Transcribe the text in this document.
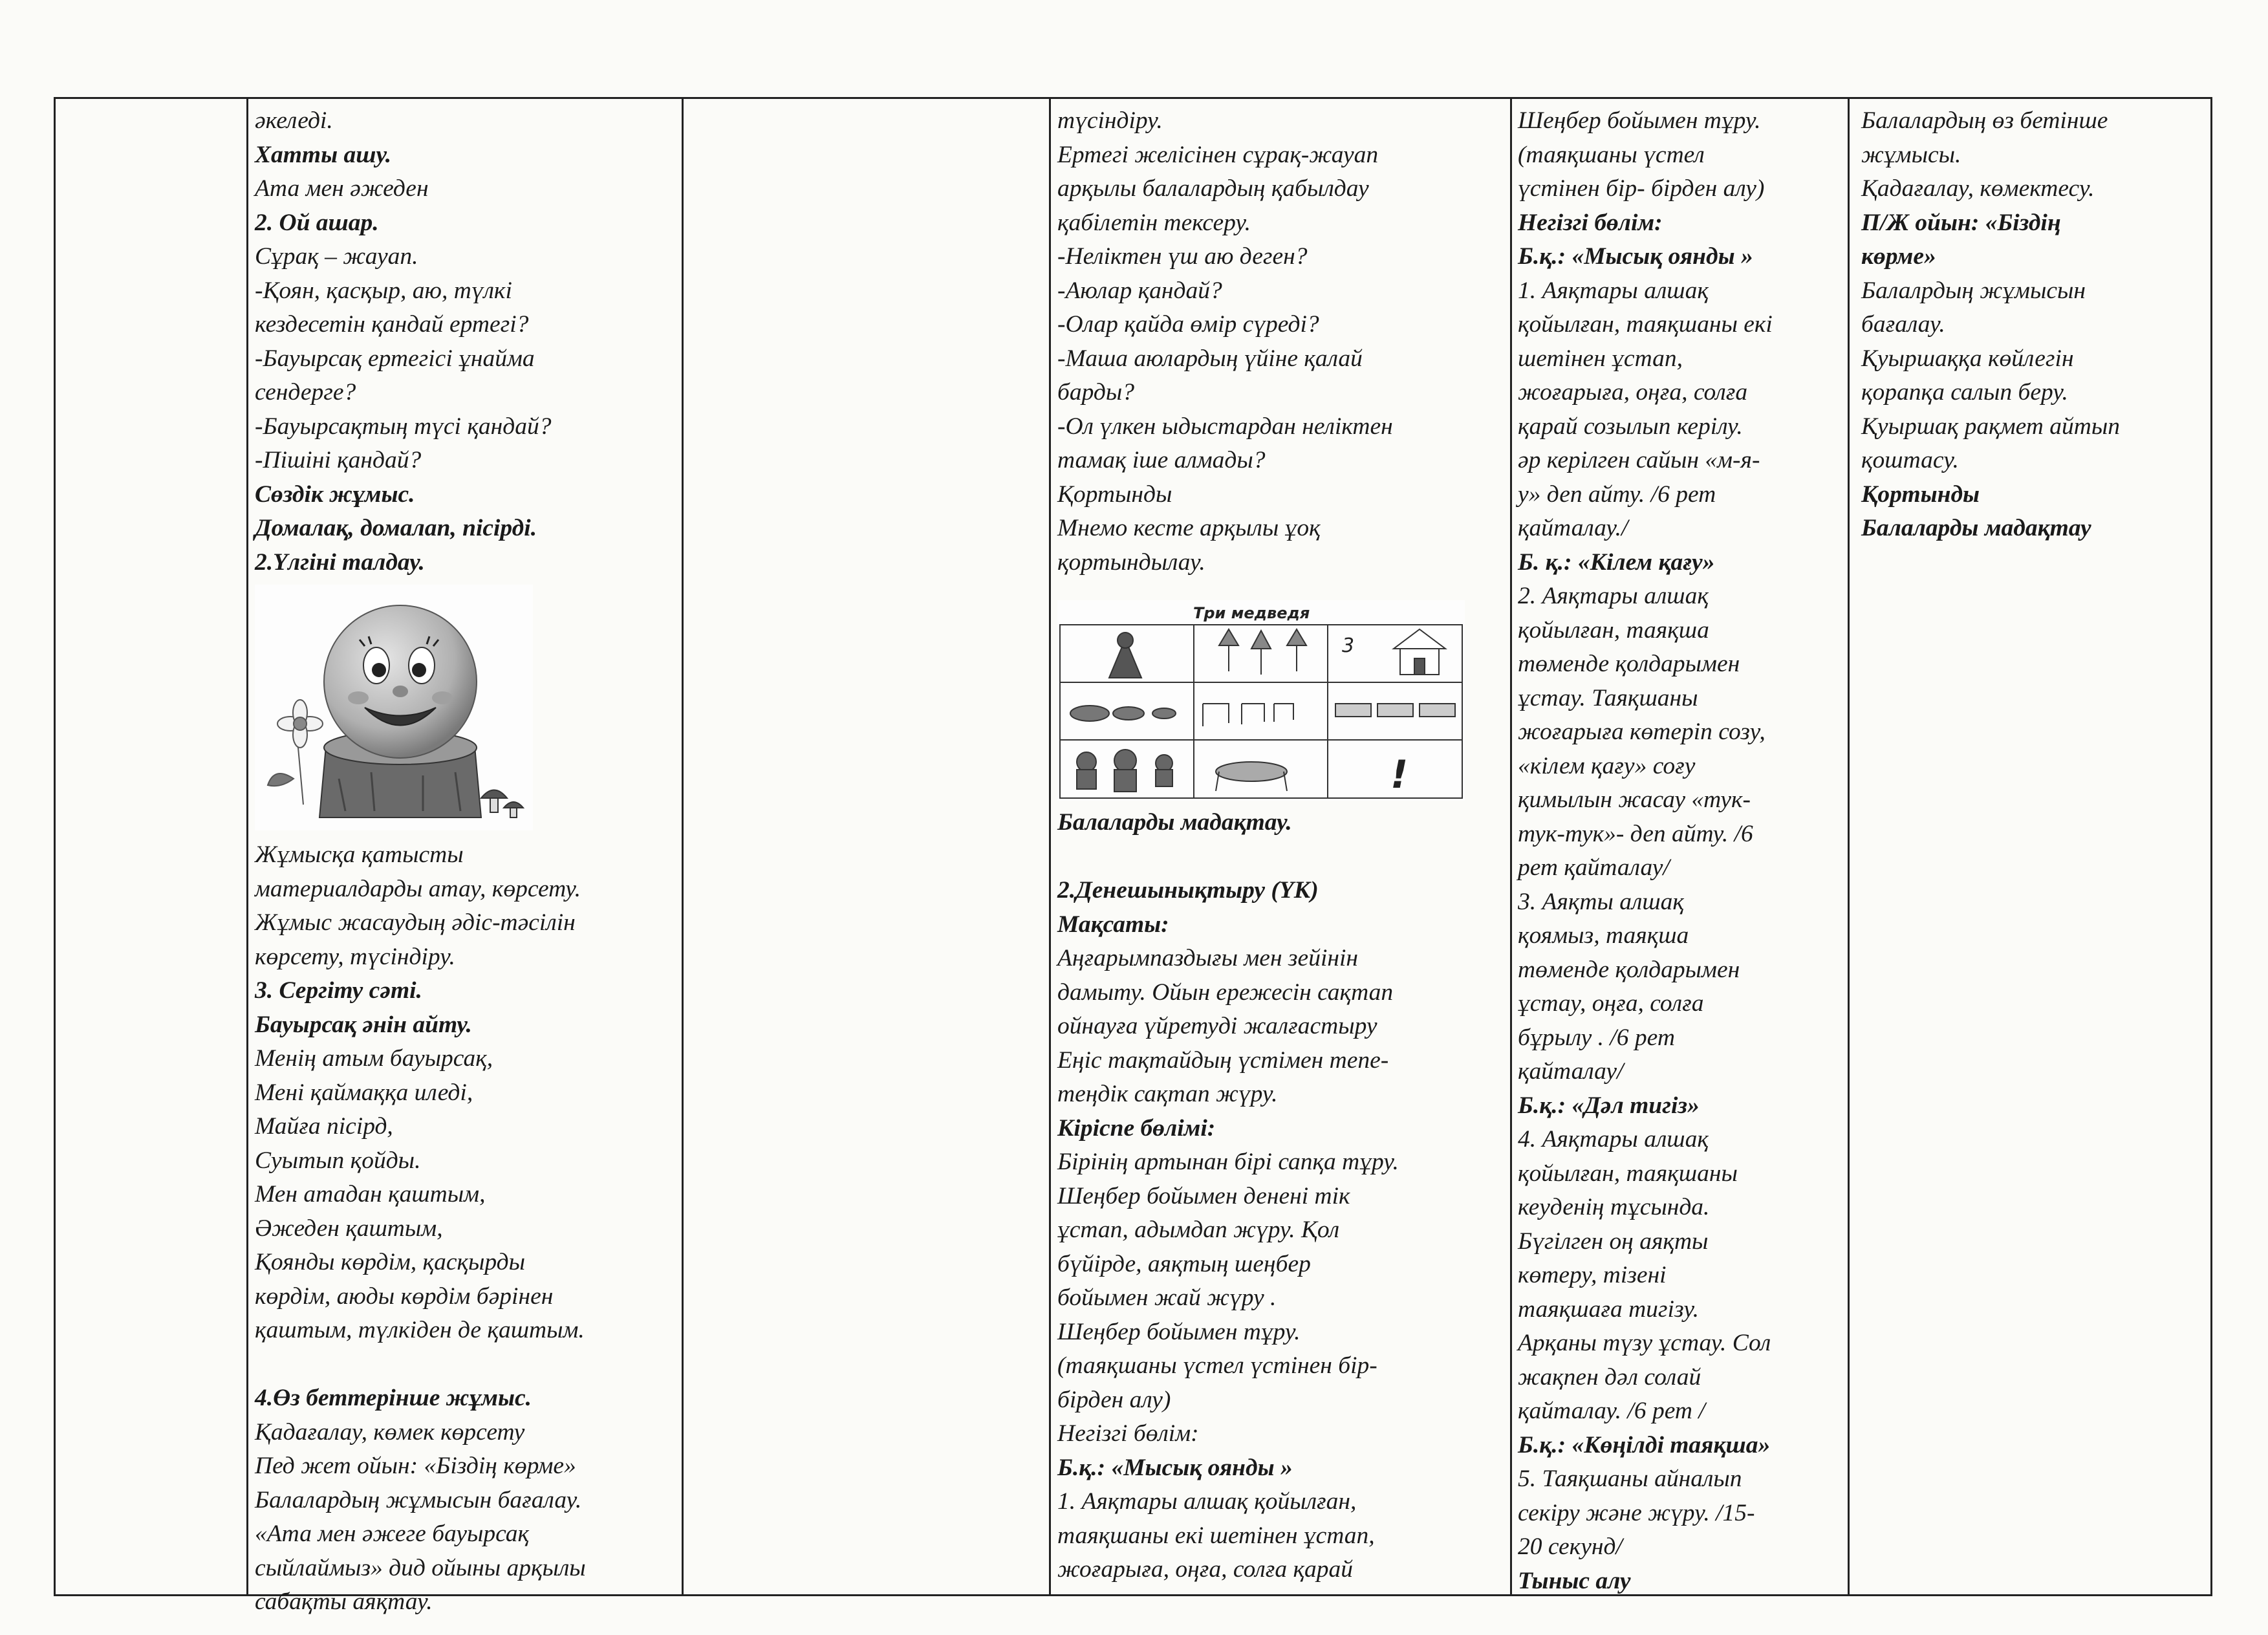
әкеледі.
Хатты ашу.
Ата мен әжеден
2. Ой ашар.
Сұрақ – жауап.
-Қоян, қасқыр, аю, түлкі
кездесетін қандай ертегі?
-Бауырсақ ертегісі ұнайма
сендерге?
-Бауырсақтың түсі қандай?
-Пішіні қандай?
Сөздік жұмыс.
Домалақ, домалап, пісірді.
2.Үлгіні талдау.
Жұмысқа қатысты
материалдарды атау, көрсету.
Жұмыс жасаудың әдіс-тәсілін
көрсету, түсіндіру.
3. Сергіту сәті.
Бауырсақ әнін айту.
Менің атым бауырсақ,
Мені қаймаққа иледі,
Майға пісірд,
Суытып қойды.
Мен атадан қаштым,
Әжеден қаштым,
Қоянды көрдім, қасқырды
көрдім, аюды көрдім бәрінен
қаштым, түлкіден де қаштым.
4.Өз беттерінше жұмыс.
Қадағалау, көмек көрсету
Пед жет ойын: «Біздің көрме»
Балалардың жұмысын бағалау.
«Ата мен әжеге бауырсақ
сыйлаймыз» дид ойыны арқылы
сабақты аяқтау.
түсіндіру.
Ертегі желісінен сұрақ-жауап
арқылы балалардың қабылдау
қабілетін тексеру.
-Неліктен үш аю деген?
-Аюлар қандай?
-Олар қайда өмір сүреді?
-Маша аюлардың үйіне қалай
барды?
-Ол үлкен ыдыстардан неліктен
тамақ іше алмады?
Қортынды
Мнемо кесте арқылы ұоқ
қортындылау.
Три медведя
3
!
Балаларды мадақтау.
2.Денешынықтыру (ҮК)
Мақсаты:
Аңғарымпаздығы мен зейінін
дамыту. Ойын ережесін сақтап
ойнауға үйретуді жалғастыру
Еңіс тақтайдың үстімен тепе-
теңдік сақтап жүру.
Кіріспе бөлімі:
Бірінің артынан бірі сапқа тұру.
Шеңбер бойымен денені тік
ұстап, адымдап жүру. Қол
бүйірде, аяқтың шеңбер
бойымен жай жүру .
Шеңбер бойымен тұру.
(таяқшаны үстел үстінен бір-
бірден алу)
Негізгі бөлім:
Б.қ.: «Мысық оянды »
1. Аяқтары алшақ қойылған,
таяқшаны екі шетінен ұстап,
жоғарыға, оңға, солға қарай
Шеңбер бойымен тұру.
(таяқшаны үстел
үстінен бір- бірден алу)
Негізгі бөлім:
Б.қ.: «Мысық оянды »
1. Аяқтары алшақ
қойылған, таяқшаны екі
шетінен ұстап,
жоғарыға, оңға, солға
қарай созылып керілу.
әр керілген сайын «м-я-
у» деп айту. /6 рет
қайталау./
Б. қ.: «Кілем қағу»
2. Аяқтары алшақ
қойылған, таяқша
төменде қолдарымен
ұстау. Таяқшаны
жоғарыға көтеріп созу,
«кілем қағу» соғу
қимылын жасау «тук-
тук-тук»- деп айту. /6
рет қайталау/
3. Аяқты алшақ
қоямыз, таяқша
төменде қолдарымен
ұстау, оңға, солға
бұрылу . /6 рет
қайталау/
Б.қ.: «Дәл тигіз»
4. Аяқтары алшақ
қойылған, таяқшаны
кеуденің тұсында.
Бүгілген оң аяқты
көтеру, тізені
таяқшаға тигізу.
Арқаны түзу ұстау. Сол
жақпен дәл солай
қайталау. /6 рет /
Б.қ.: «Көңілді таяқша»
5. Таяқшаны айналып
секіру және жүру. /15-
20 секунд/
Тыныс алу
Балалардың өз бетінше
жұмысы.
Қадағалау, көмектесу.
П/Ж ойын: «Біздің
көрме»
Балалрдың жұмысын
бағалау.
Қуыршаққа көйлегін
қорапқа салып беру.
Қуыршақ рақмет айтып
қоштасу.
Қортынды
Балаларды мадақтау
